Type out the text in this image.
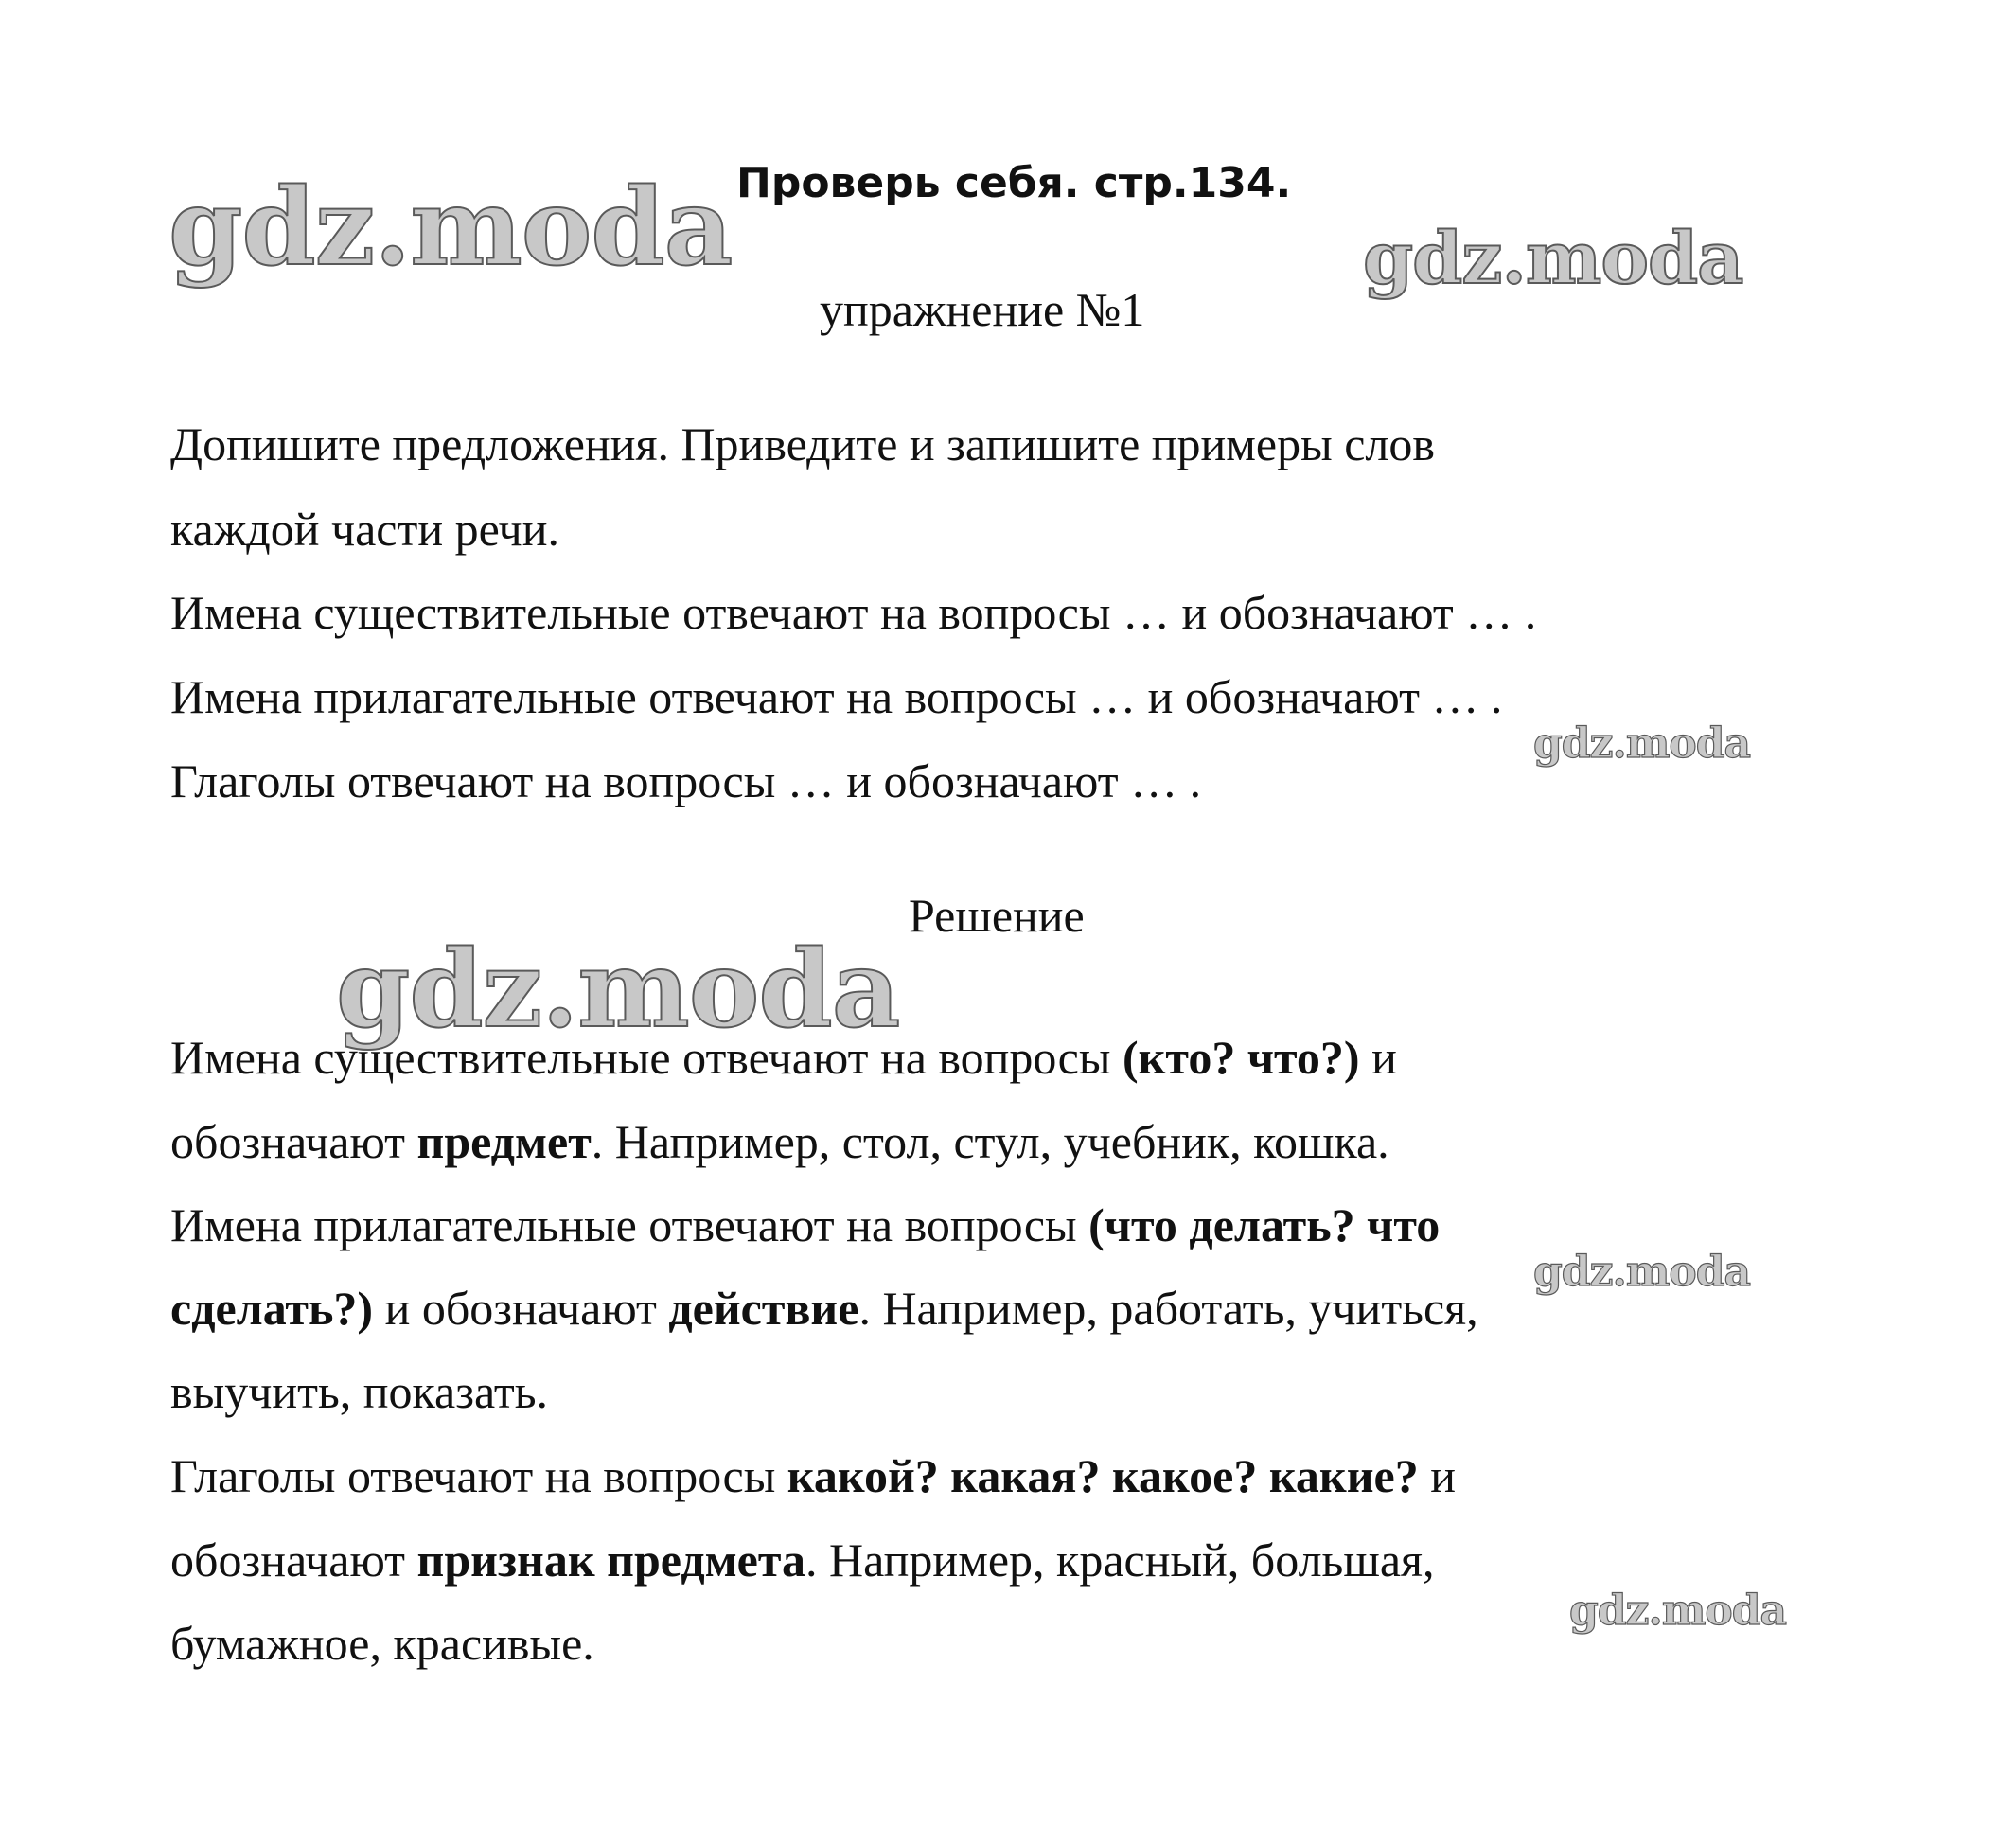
gdz.moda	gdz.moda
gdz.moda
gdz.moda
gdz.moda
gdz.moda
Проверь себя. стр.134.
упражнение №1
Допишите предложения. Приведите и запишите примеры слов
каждой части речи.
Имена существительные отвечают на вопросы … и обозначают … .
Имена прилагательные отвечают на вопросы … и обозначают … .
Глаголы отвечают на вопросы … и обозначают … .
Решение
Имена существительные отвечают на вопросы (кто? что?) и
обозначают предмет. Например, стол, стул, учебник, кошка.
Имена прилагательные отвечают на вопросы (что делать? что
сделать?) и обозначают действие. Например, работать, учиться,
выучить, показать.
Глаголы отвечают на вопросы какой? какая? какое? какие? и
обозначают признак предмета. Например, красный, большая,
бумажное, красивые.
